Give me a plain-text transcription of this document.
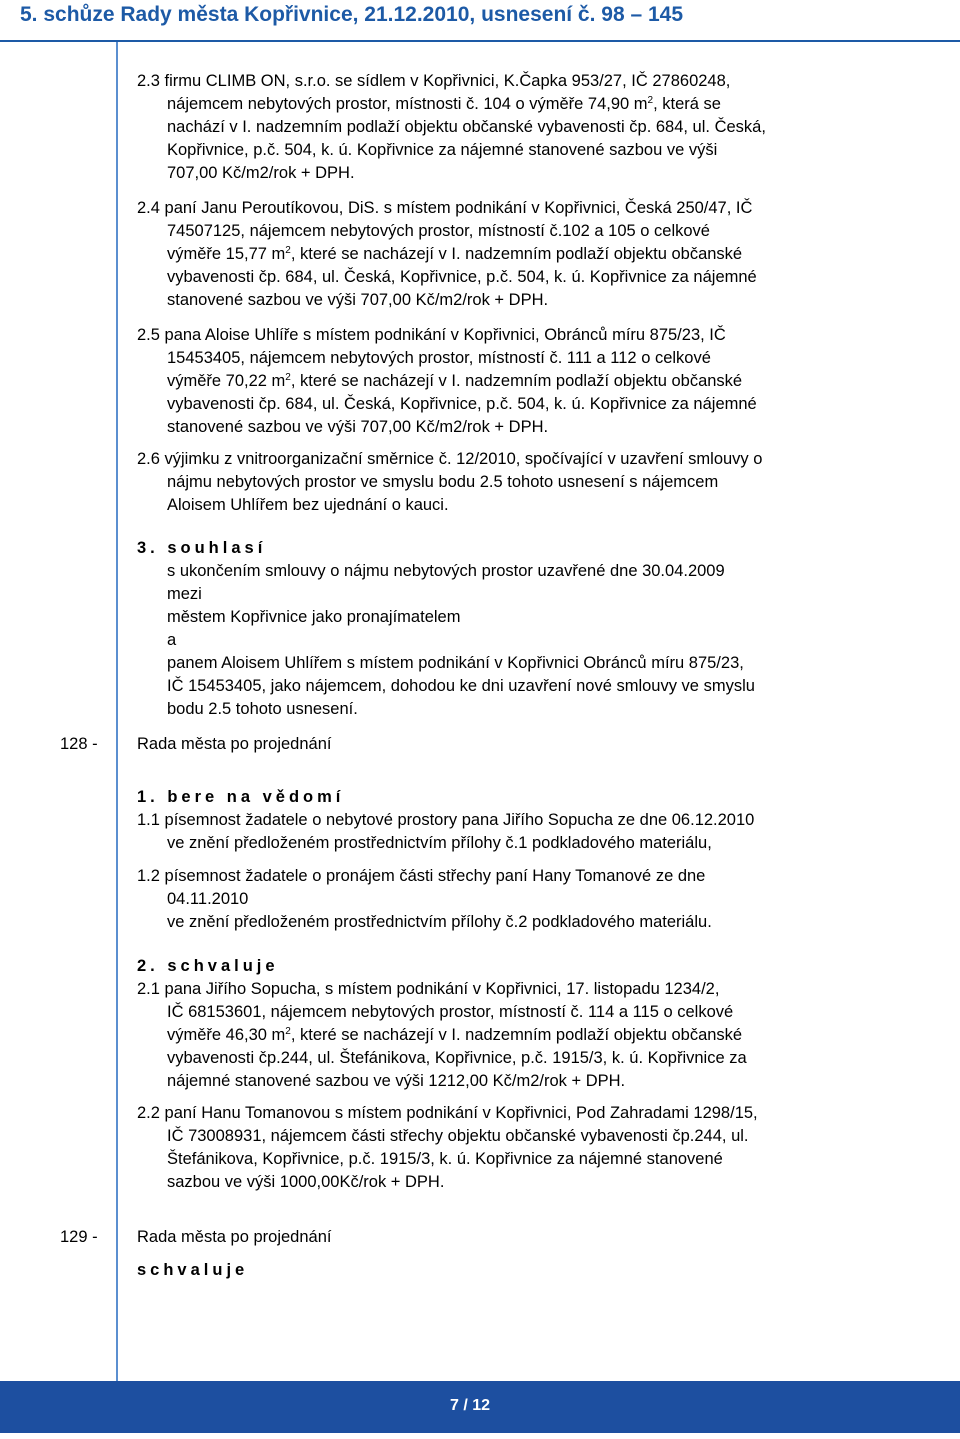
5. schůze Rady města Kopřivnice, 21.12.2010, usnesení č. 98 – 145
2.3 firmu CLIMB ON, s.r.o. se sídlem v Kopřivnici, K.Čapka 953/27, IČ 27860248,
nájemcem nebytových prostor, místnosti č. 104 o výměře 74,90 $m^2$, která se
nachází v I. nadzemním podlaží objektu občanské vybavenosti čp. 684, ul. Česká,
Kopřivnice, p.č. 504, k. ú. Kopřivnice za nájemné stanovené sazbou ve výši
707,00 Kč/m2/rok + DPH.
2.4 paní Janu Peroutíkovou, DiS. s místem podnikání v Kopřivnici, Česká 250/47, IČ
74507125, nájemcem nebytových prostor, místností č.102 a 105 o celkové
výměře 15,77 $m^2$, které se nacházejí v I. nadzemním podlaží objektu občanské
vybavenosti čp. 684, ul. Česká, Kopřivnice, p.č. 504, k. ú. Kopřivnice za nájemné
stanovené sazbou ve výši 707,00 Kč/m2/rok + DPH.
2.5 pana Aloise Uhlíře s místem podnikání v Kopřivnici, Obránců míru 875/23, IČ
15453405, nájemcem nebytových prostor, místností č. 111 a 112 o celkové
výměře 70,22 $m^2$, které se nacházejí v I. nadzemním podlaží objektu občanské
vybavenosti čp. 684, ul. Česká, Kopřivnice, p.č. 504, k. ú. Kopřivnice za nájemné
stanovené sazbou ve výši 707,00 Kč/m2/rok + DPH.
2.6 výjimku z vnitroorganizační směrnice č. 12/2010, spočívající v uzavření smlouvy o
nájmu nebytových prostor ve smyslu bodu 2.5 tohoto usnesení s nájemcem
Aloisem Uhlířem bez ujednání o kauci.
3. souhlasí
s ukončením smlouvy o nájmu nebytových prostor uzavřené dne 30.04.2009
mezi
městem Kopřivnice jako pronajímatelem
a
panem Aloisem Uhlířem s místem podnikání v Kopřivnici Obránců míru 875/23,
IČ 15453405, jako nájemcem, dohodou ke dni uzavření nové smlouvy ve smyslu
bodu 2.5 tohoto usnesení.
128 - Rada města po projednání
1. bere na vědomí
1.1 písemnost žadatele o nebytové prostory pana Jiřího Sopucha ze dne 06.12.2010
ve znění předloženém prostřednictvím přílohy č.1 podkladového materiálu,
1.2 písemnost žadatele o pronájem části střechy paní Hany Tomanové ze dne
04.11.2010
ve znění předloženém prostřednictvím přílohy č.2 podkladového materiálu.
2. schvaluje
2.1 pana Jiřího Sopucha, s místem podnikání v Kopřivnici, 17. listopadu 1234/2,
IČ 68153601, nájemcem nebytových prostor, místností č. 114 a 115 o celkové
výměře 46,30 $m^2$, které se nacházejí v I. nadzemním podlaží objektu občanské
vybavenosti čp.244, ul. Štefánikova, Kopřivnice, p.č. 1915/3, k. ú. Kopřivnice za
nájemné stanovené sazbou ve výši 1212,00 Kč/m2/rok + DPH.
2.2 paní Hanu Tomanovou s místem podnikání v Kopřivnici, Pod Zahradami 1298/15,
IČ 73008931, nájemcem části střechy objektu občanské vybavenosti čp.244, ul.
Štefánikova, Kopřivnice, p.č. 1915/3, k. ú. Kopřivnice za nájemné stanovené
sazbou ve výši 1000,00Kč/rok + DPH.
129 - Rada města po projednání
schvaluje
7 / 12
